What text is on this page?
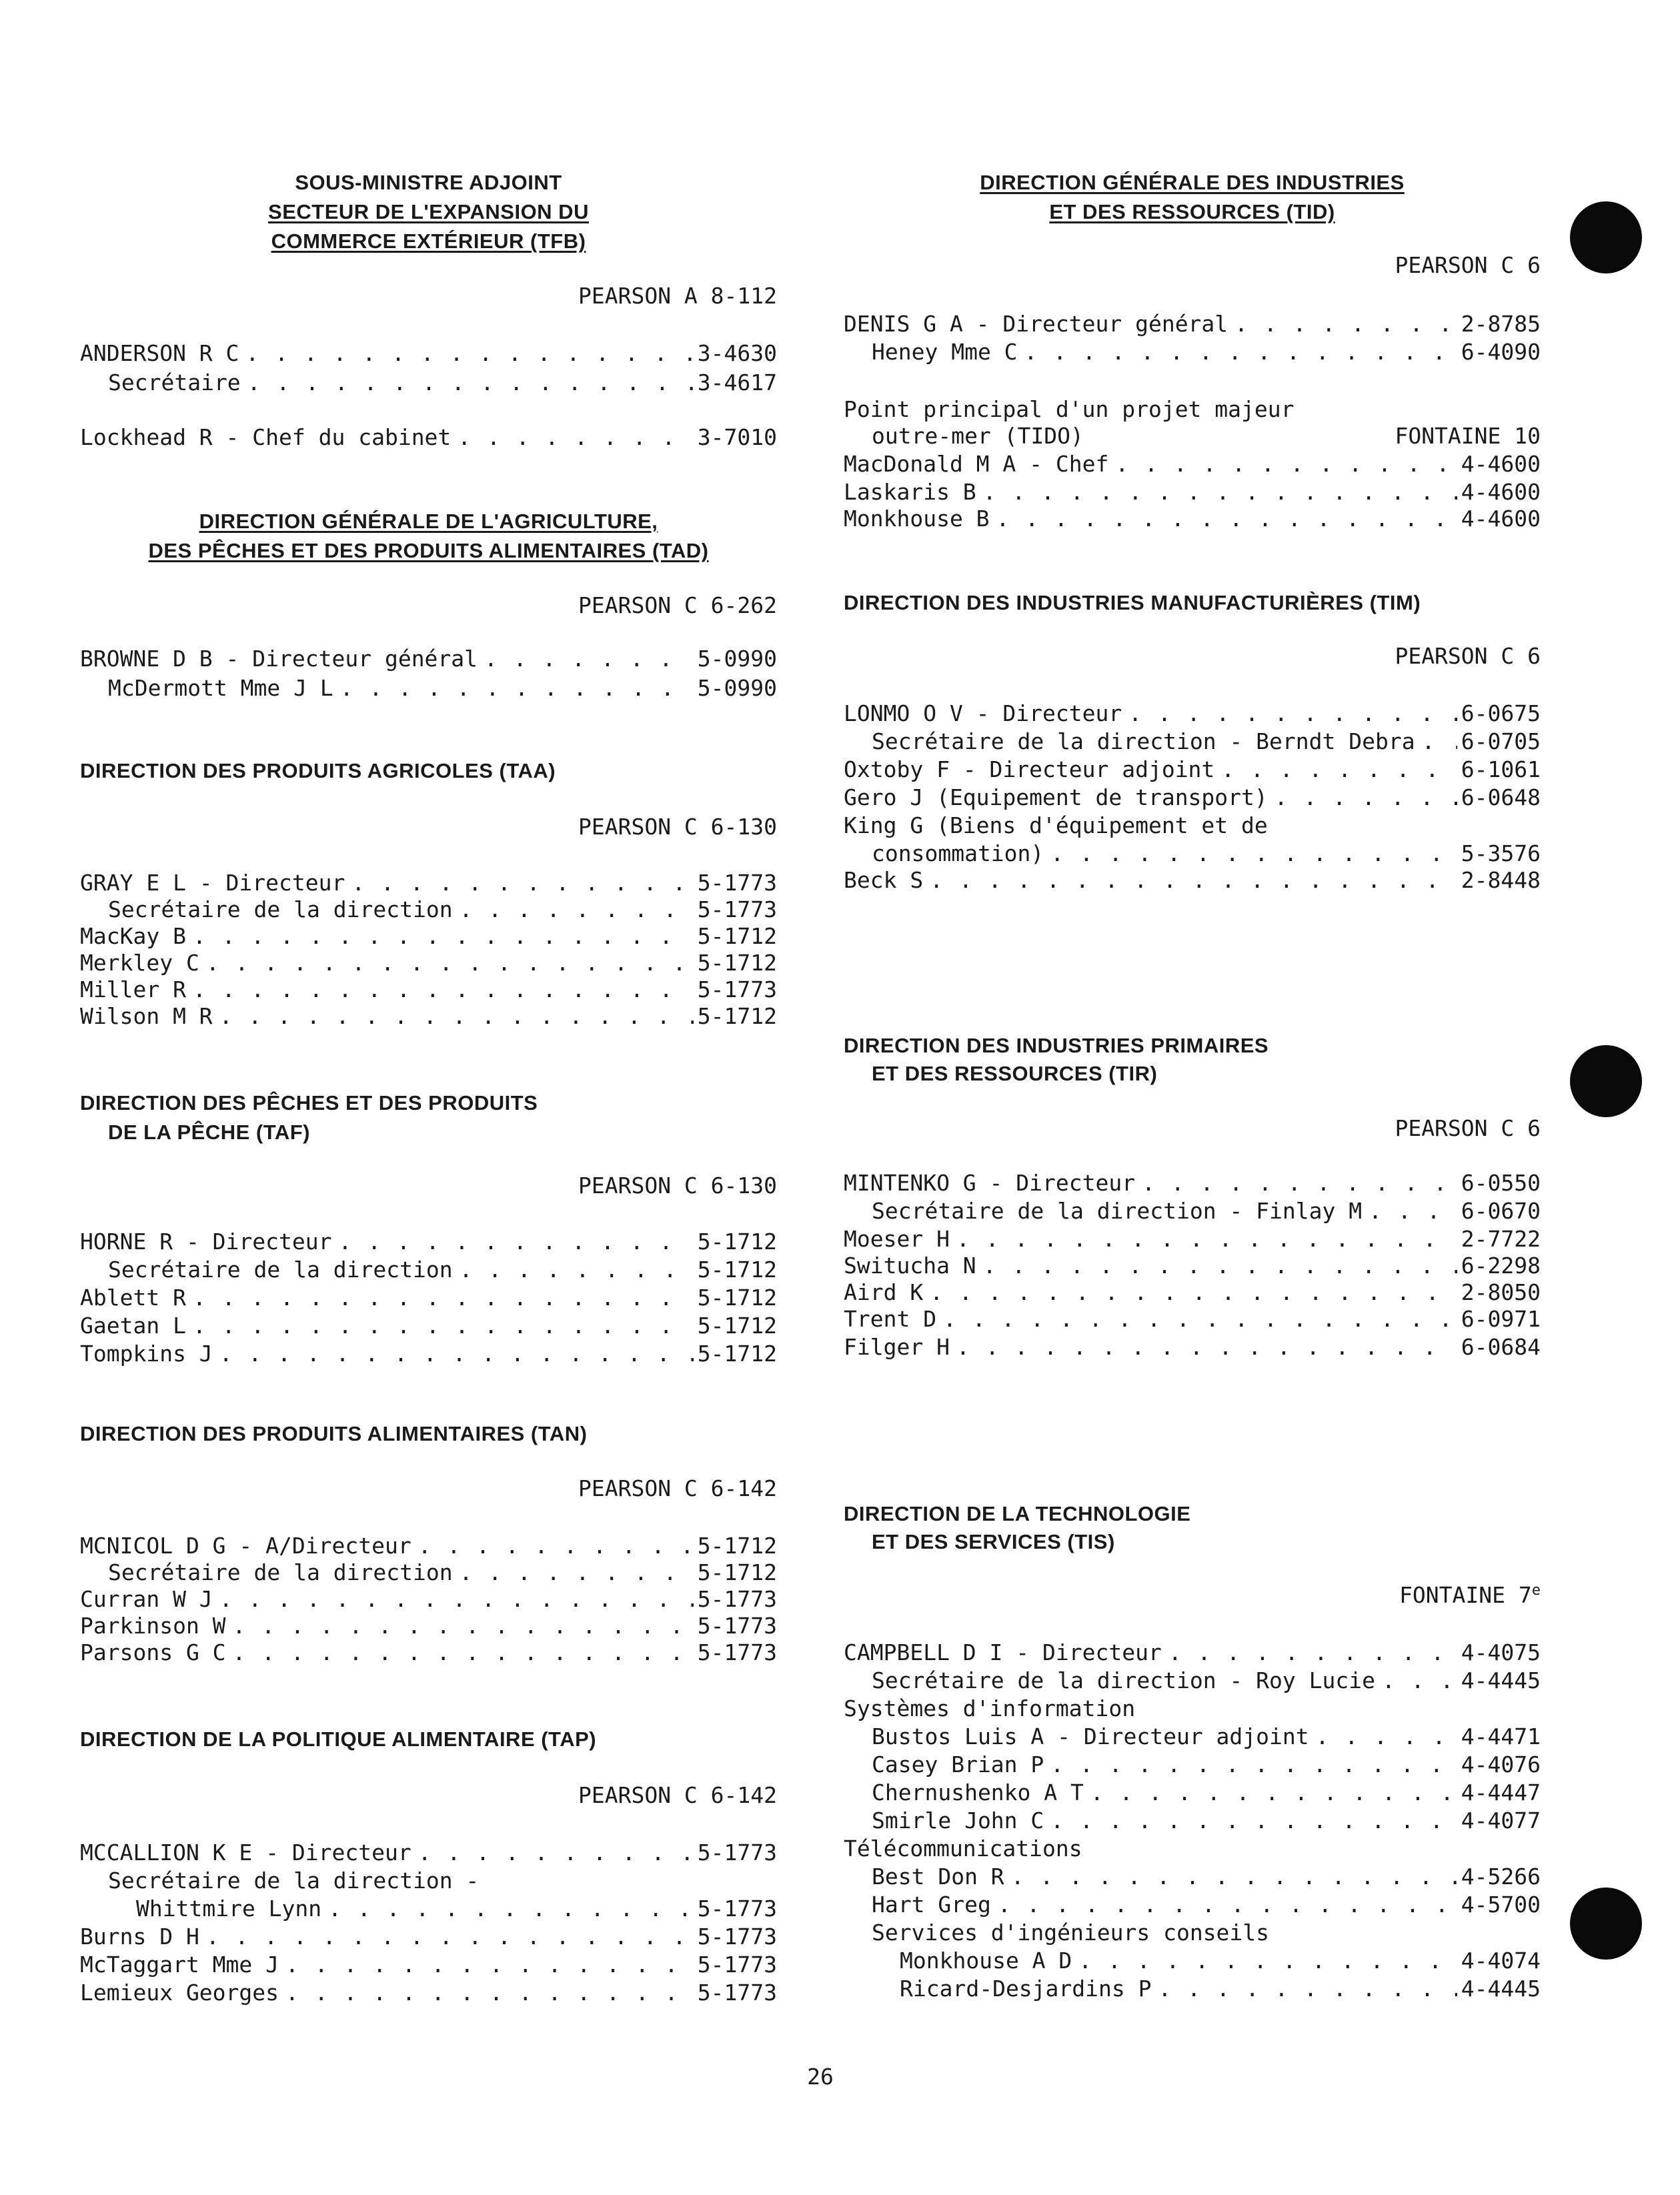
SOUS-MINISTRE ADJOINT
SECTEUR DE L'EXPANSION DU
COMMERCE EXTÉRIEUR (TFB)
PEARSON A 8-112
ANDERSON R C . . .	3-4630
Secrétaire . . .	3-4617
Lockhead R - Chef du cabinet . . .	3-7010
DIRECTION GÉNÉRALE DE L'AGRICULTURE,
DES PÊCHES ET DES PRODUITS ALIMENTAIRES (TAD)
PEARSON C 6-262
BROWNE D B - Directeur général . . .	5-0990
McDermott Mme J L . . .	5-0990
DIRECTION DES PRODUITS AGRICOLES (TAA)
PEARSON C 6-130
GRAY E L - Directeur . . .	5-1773
Secrétaire de la direction . . .	5-1773
MacKay B . . .	5-1712
Merkley C . . .	5-1712
Miller R . . .	5-1773
Wilson M R . . .	5-1712
DIRECTION DES PÊCHES ET DES PRODUITS
DE LA PÊCHE (TAF)
PEARSON C 6-130
HORNE R - Directeur . . .	5-1712
Secrétaire de la direction . . .	5-1712
Ablett R . . .	5-1712
Gaetan L . . .	5-1712
Tompkins J . . .	5-1712
DIRECTION DES PRODUITS ALIMENTAIRES (TAN)
PEARSON C 6-142
MCNICOL D G - A/Directeur . . .	5-1712
Secrétaire de la direction . . .	5-1712
Curran W J . . .	5-1773
Parkinson W . . .	5-1773
Parsons G C . . .	5-1773
DIRECTION DE LA POLITIQUE ALIMENTAIRE (TAP)
PEARSON C 6-142
MCCALLION K E - Directeur . . .	5-1773
Secrétaire de la direction -
Whittmire Lynn . . .	5-1773
Burns D H . . .	5-1773
McTaggart Mme J . . .	5-1773
Lemieux Georges . . .	5-1773
DIRECTION GÉNÉRALE DES INDUSTRIES
ET DES RESSOURCES (TID)
PEARSON C 6
DENIS G A - Directeur général . . .	2-8785
Heney Mme C . . .	6-4090
Point principal d'un projet majeur
outre-mer (TIDO)	FONTAINE 10
MacDonald M A - Chef . . .	4-4600
Laskaris B . . .	4-4600
Monkhouse B . . .	4-4600
DIRECTION DES INDUSTRIES MANUFACTURIÈRES (TIM)
PEARSON C 6
LONMO O V - Directeur . . .	6-0675
Secrétaire de la direction - Berndt Debra . . . 6-0705
Oxtoby F - Directeur adjoint . . .	6-1061
Gero J (Equipement de transport) . . .	6-0648
King G (Biens d'équipement et de
consommation) . . .	5-3576
Beck S . . .	2-8448
DIRECTION DES INDUSTRIES PRIMAIRES
ET DES RESSOURCES (TIR)
PEARSON C 6
MINTENKO G - Directeur . . .	6-0550
Secrétaire de la direction - Finlay M . . .	6-0670
Moeser H . . .	2-7722
Switucha N . . .	6-2298
Aird K . . .	2-8050
Trent D . . .	6-0971
Filger H . . .	6-0684
DIRECTION DE LA TECHNOLOGIE
ET DES SERVICES (TIS)
FONTAINE 7e
CAMPBELL D I - Directeur . . .	4-4075
Secrétaire de la direction - Roy Lucie . . .	4-4445
Systèmes d'information
Bustos Luis A - Directeur adjoint . . .	4-4471
Casey Brian P . . .	4-4076
Chernushenko A T . . .	4-4447
Smirle John C . . .	4-4077
Télécommunications
Best Don R . . .	4-5266
Hart Greg . . .	4-5700
Services d'ingénieurs conseils
Monkhouse A D . . .	4-4074
Ricard-Desjardins P . . .	4-4445
26
